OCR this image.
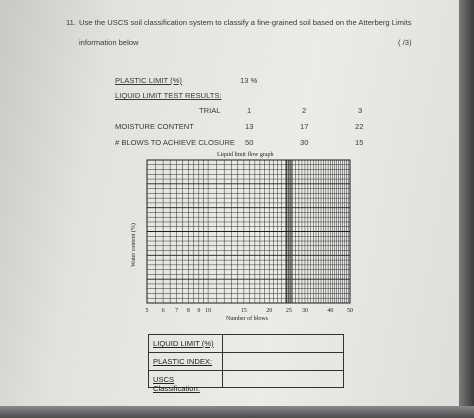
11. Use the USCS soil classification system to classify a fine-grained soil based on the Atterberg Limits
information below	( /3)
PLASTIC LIMIT (%)	13 %
LIQUID LIMIT TEST RESULTS:
TRIAL	1	2	3
MOISTURE CONTENT	13	17	22
# BLOWS TO ACHIEVE CLOSURE 50	30	15
Liquid limit flow graph
Water content (%)
5 6 7 8 9 10	15	20 25 30	40 50
Number of blows
LIQUID LIMIT (%)
PLASTIC INDEX:
USCS Classification:
